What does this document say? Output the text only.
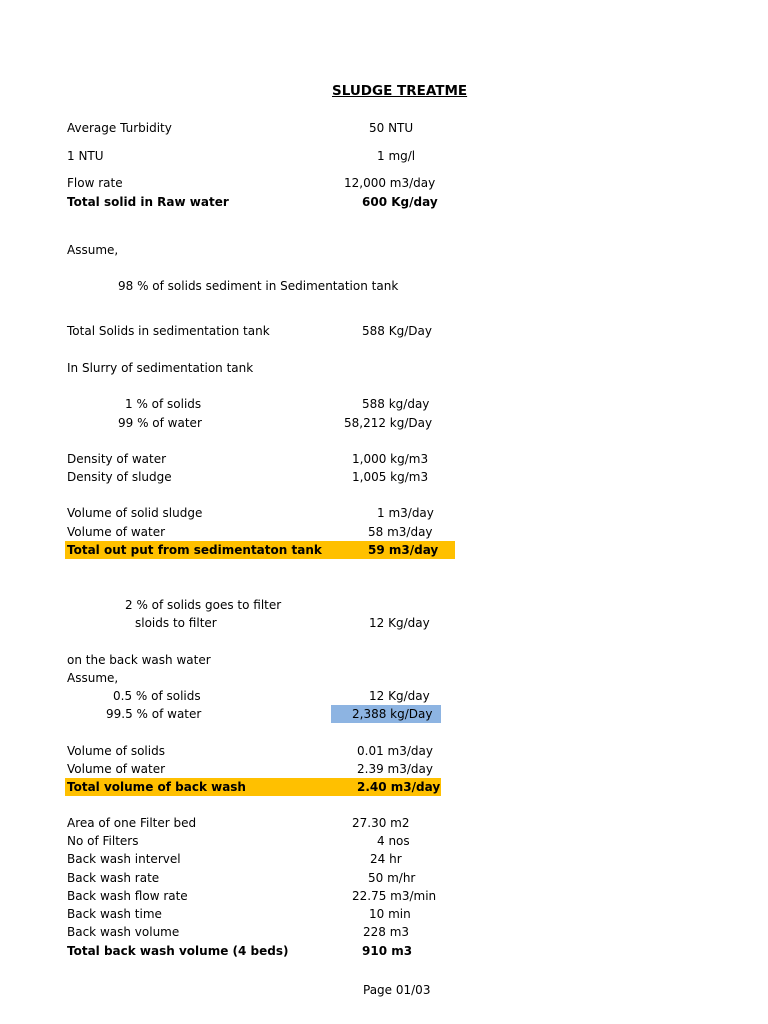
SLUDGE TREATME
Average Turbidity	50 NTU
1 NTU	1 mg/l
Flow rate	12,000 m3/day
Total solid in Raw water	600 Kg/day
Assume,
98 % of solids sediment in Sedimentation tank
Total Solids in sedimentation tank	588 Kg/Day
In Slurry of sedimentation tank
1 % of solids	588 kg/day
99 % of water	58,212 kg/Day
Density of water	1,000 kg/m3
Density of sludge	1,005 kg/m3
Volume of solid sludge	1 m3/day
Volume of water	58 m3/day
Total out put from sedimentaton tank	59 m3/day
2 % of solids goes to filter
sloids to filter	12 Kg/day
on the back wash water
Assume,
0.5 % of solids	12 Kg/day
99.5 % of water	2,388 kg/Day
Volume of solids	0.01 m3/day
Volume of water	2.39 m3/day
Total volume of back wash	2.40 m3/day
Area of one Filter bed	27.30 m2
No of Filters	4 nos
Back wash intervel	24 hr
Back wash rate	50 m/hr
Back wash flow rate	22.75 m3/min
Back wash time	10 min
Back wash volume	228 m3
Total back wash volume (4 beds)	910 m3
Page 01/03
